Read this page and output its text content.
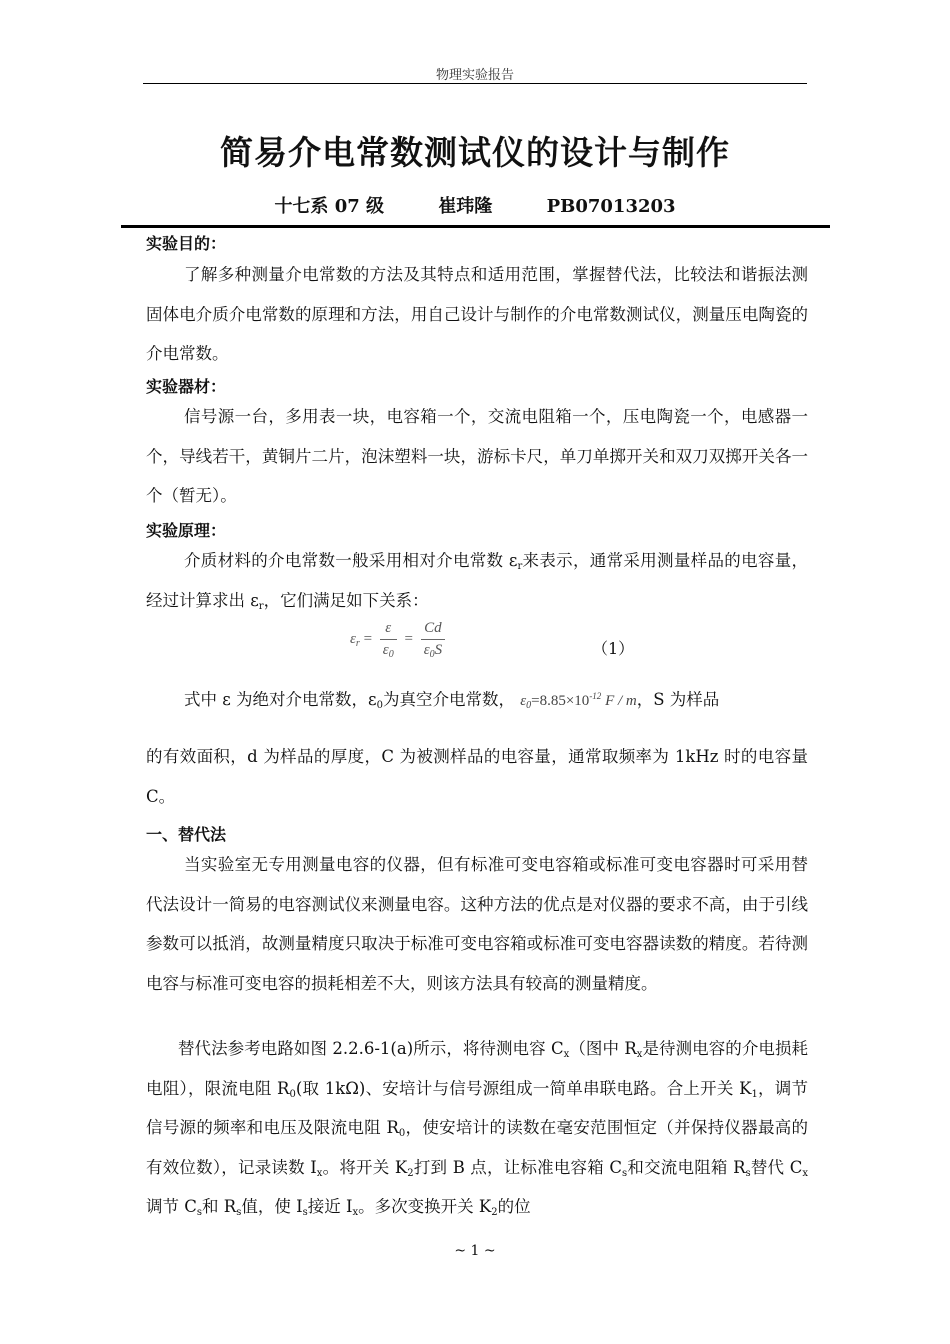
物理实验报告
简易介电常数测试仪的设计与制作
十七系 07 级	崔玮隆	PB07013203
实验目的：
了解多种测量介电常数的方法及其特点和适用范围，掌握替代法，比较法和谐振法测固体电介质介电常数的原理和方法，用自己设计与制作的介电常数测试仪，测量压电陶瓷的介电常数。
实验器材：
信号源一台，多用表一块，电容箱一个，交流电阻箱一个，压电陶瓷一个，电感器一个，导线若干，黄铜片二片，泡沫塑料一块，游标卡尺，单刀单掷开关和双刀双掷开关各一个（暂无）。
实验原理：
介质材料的介电常数一般采用相对介电常数 $\varepsilon_r$来表示，通常采用测量样品的电容量，经过计算求出 $\varepsilon_r$，它们满足如下关系：
$\varepsilon_r = \frac{\varepsilon}{\varepsilon_0} = \frac{Cd}{\varepsilon_0S}$	（1）
式中 ε 为绝对介电常数，$\varepsilon_0$为真空介电常数， $\varepsilon_0=8.85\times 10^{-12}$ F / m，S 为样品
的有效面积，d 为样品的厚度，C 为被测样品的电容量，通常取频率为 1kHz 时的电容量 C。
一、替代法
当实验室无专用测量电容的仪器，但有标准可变电容箱或标准可变电容器时可采用替代法设计一简易的电容测试仪来测量电容。这种方法的优点是对仪器的要求不高，由于引线参数可以抵消，故测量精度只取决于标准可变电容箱或标准可变电容器读数的精度。若待测电容与标准可变电容的损耗相差不大，则该方法具有较高的测量精度。
替代法参考电路如图 2.2.6-1(a)所示，将待测电容 $C_x$（图中 $R_x$是待测电容的介电损耗电阻），限流电阻 $R_0$(取 1kΩ)、安培计与信号源组成一简单串联电路。合上开关 $K_1$，调节信号源的频率和电压及限流电阻 $R_0$，使安培计的读数在毫安范围恒定（并保持仪器最高的有效位数），记录读数 $I_x$。将开关 $K_2$打到 B 点，让标准电容箱 $C_s$和交流电阻箱 $R_s$替代 $C_x$调节 $C_s$和 $R_s$值，使 $I_s$接近 $I_x$。多次变换开关 $K_2$的位
~ 1 ~
